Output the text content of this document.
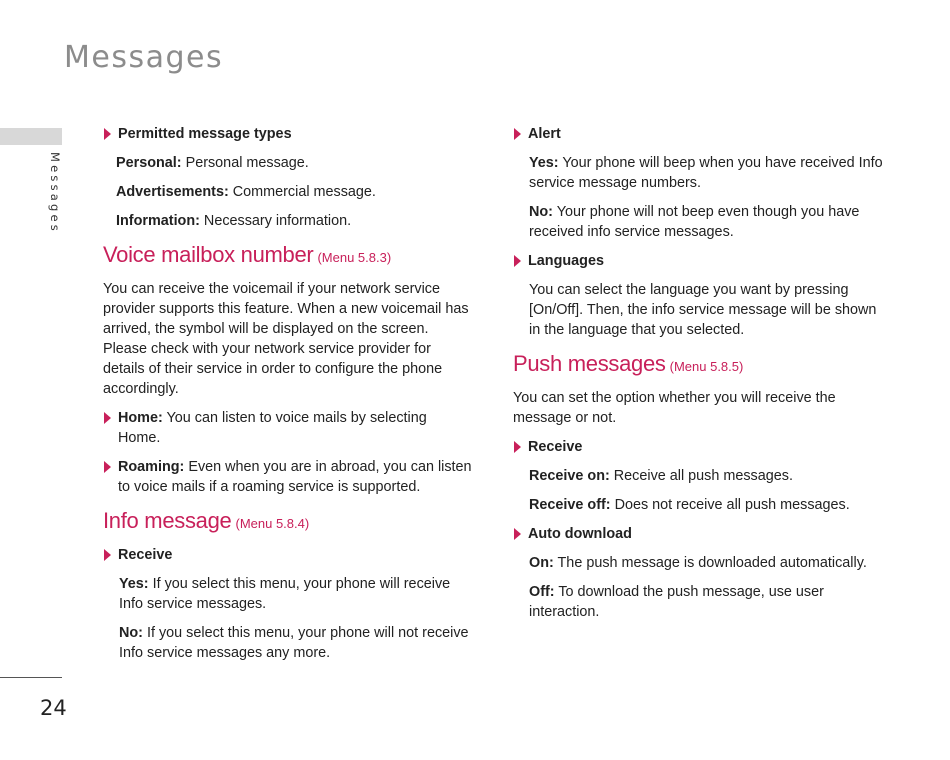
Messages
Messages
24
Permitted message types

Personal: Personal message.

Advertisements: Commercial message.

Information: Necessary information.

Voice mailbox number (Menu 5.8.3)

You can receive the voicemail if your network service provider supports this feature. When a new voicemail has arrived, the symbol will be displayed on the screen. Please check with your network service provider for details of their service in order to configure the phone accordingly.

Home: You can listen to voice mails by selecting Home.
Roaming: Even when you are in abroad, you can listen to voice mails if a roaming service is supported.
Info message (Menu 5.8.4)
Receive

Yes: If you select this menu, your phone will receive Info service messages.

No: If you select this menu, your phone will not receive Info service messages any more.

Alert

Yes: Your phone will beep when you have received Info service message numbers.

No: Your phone will not beep even though you have received info service messages.

Languages

You can select the language you want by pressing [On/Off]. Then, the info service message will be shown in the language that you selected.

Push messages (Menu 5.8.5)

You can set the option whether you will receive the message or not.

Receive

Receive on: Receive all push messages.

Receive off: Does not receive all push messages.

Auto download

On: The push message is downloaded automatically.

Off: To download the push message, use user interaction.
